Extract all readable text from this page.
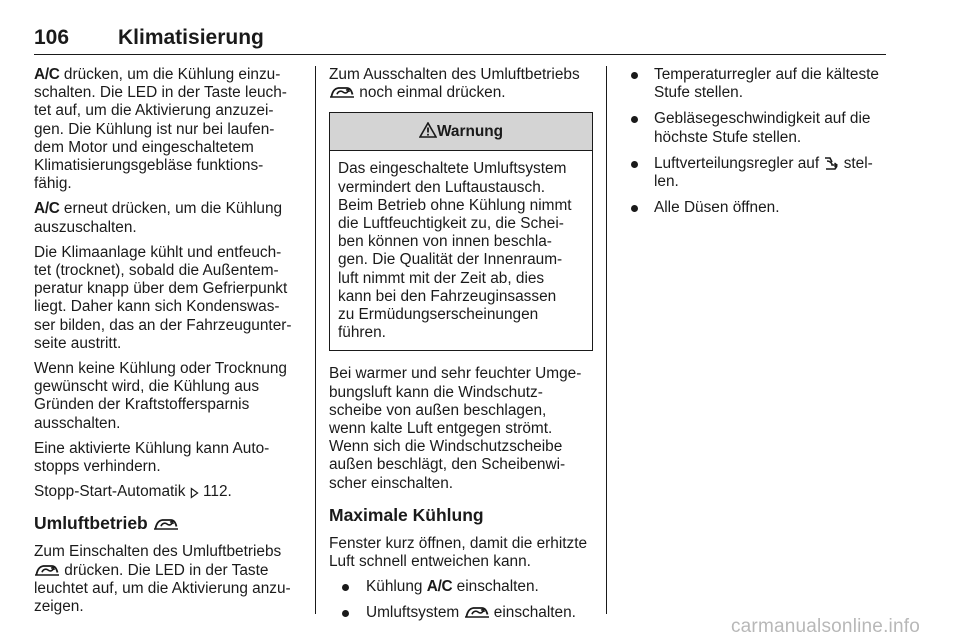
106 Klimatisierung

A/C drücken, um die Kühlung einzu-
schalten. Die LED in der Taste leuch-
tet auf, um die Aktivierung anzuzei-
gen. Die Kühlung ist nur bei laufen-
dem Motor und eingeschaltetem
Klimatisierungsgebläse funktions-
fähig.

A/C erneut drücken, um die Kühlung
auszuschalten.

Die Klimaanlage kühlt und entfeuch-
tet (trocknet), sobald die Außentem-
peratur knapp über dem Gefrierpunkt
liegt. Daher kann sich Kondenswas-
ser bilden, das an der Fahrzeugunter-
seite austritt.

Wenn keine Kühlung oder Trocknung
gewünscht wird, die Kühlung aus
Gründen der Kraftstoffersparnis
ausschalten.

Eine aktivierte Kühlung kann Auto-
stopps verhindern.

Stopp-Start-Automatik 112.

Umluftbetrieb

Zum Einschalten des Umluftbetriebs
drücken. Die LED in der Taste
leuchtet auf, um die Aktivierung anzu-
zeigen.

Zum Ausschalten des Umluftbetriebs
noch einmal drücken.

Warnung
Das eingeschaltete Umluftsystem
vermindert den Luftaustausch.
Beim Betrieb ohne Kühlung nimmt
die Luftfeuchtigkeit zu, die Schei-
ben können von innen beschla-
gen. Die Qualität der Innenraum-
luft nimmt mit der Zeit ab, dies
kann bei den Fahrzeuginsassen
zu Ermüdungserscheinungen
führen.

Bei warmer und sehr feuchter Umge-
bungsluft kann die Windschutz-
scheibe von außen beschlagen,
wenn kalte Luft entgegen strömt.
Wenn sich die Windschutzscheibe
außen beschlägt, den Scheibenwi-
scher einschalten.

Maximale Kühlung

Fenster kurz öffnen, damit die erhitzte
Luft schnell entweichen kann.

Kühlung A/C einschalten.
Umluftsystem einschalten.
Temperaturregler auf die kälteste
Stufe stellen.
Gebläsegeschwindigkeit auf die
höchste Stufe stellen.
Luftverteilungsregler auf stel-
len.
Alle Düsen öffnen.
carmanualsonline.info
